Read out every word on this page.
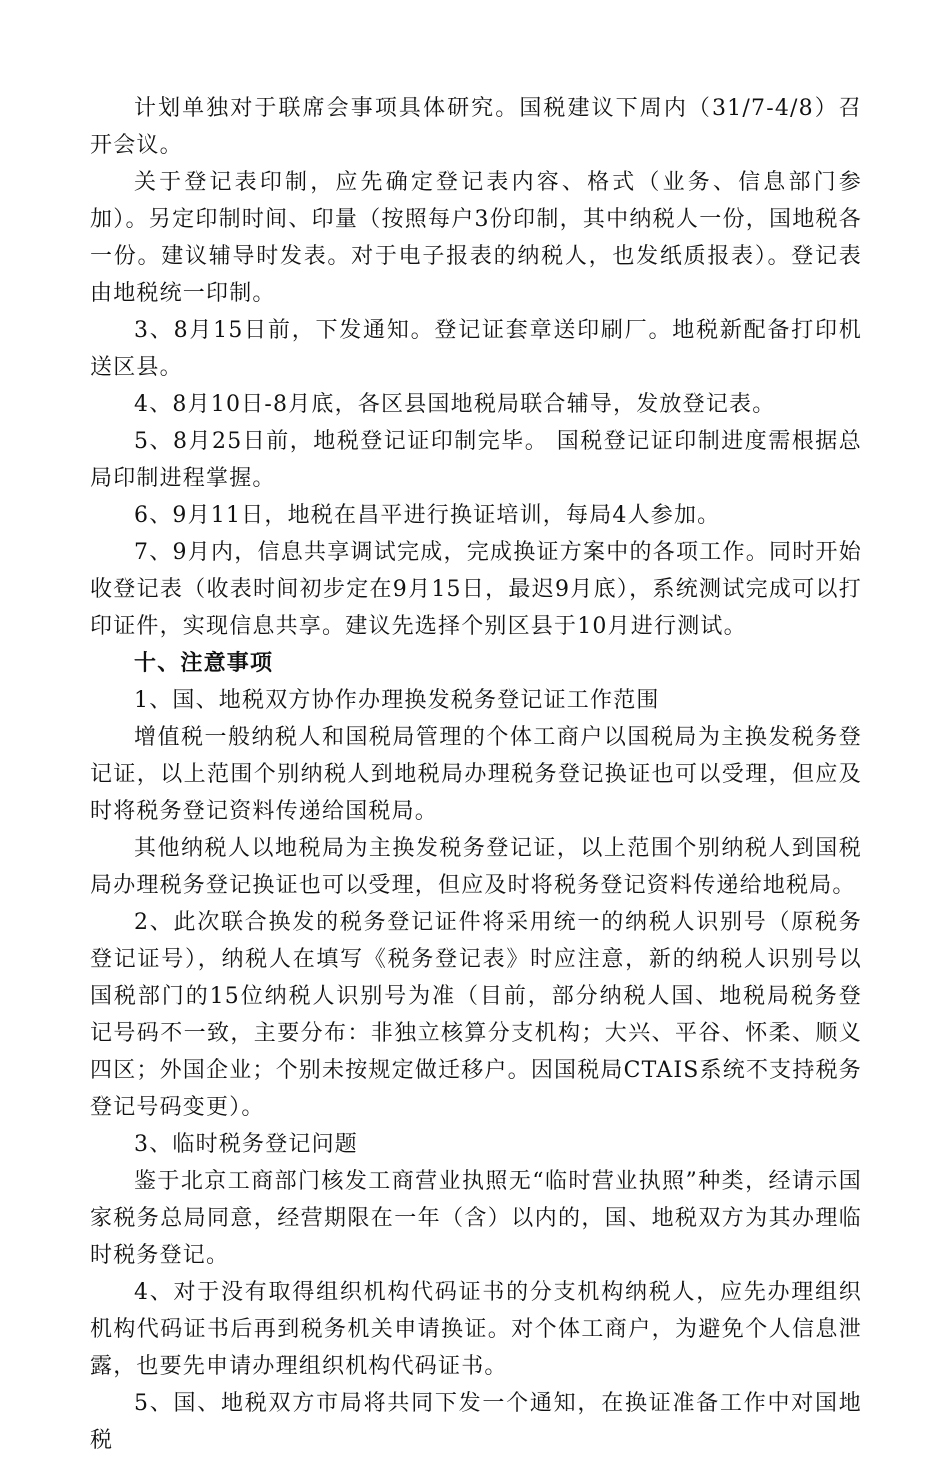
计划单独对于联席会事项具体研究。国税建议下周内（31/7-4/8）召开会议。

关于登记表印制，应先确定登记表内容、格式（业务、信息部门参加）。另定印制时间、印量（按照每户3份印制，其中纳税人一份，国地税各一份。建议辅导时发表。对于电子报表的纳税人，也发纸质报表）。登记表由地税统一印制。

3、8月15日前，下发通知。登记证套章送印刷厂。地税新配备打印机送区县。

4、8月10日-8月底，各区县国地税局联合辅导，发放登记表。

5、8月25日前，地税登记证印制完毕。 国税登记证印制进度需根据总局印制进程掌握。

6、9月11日，地税在昌平进行换证培训，每局4人参加。

7、9月内，信息共享调试完成，完成换证方案中的各项工作。同时开始收登记表（收表时间初步定在9月15日，最迟9月底），系统测试完成可以打印证件，实现信息共享。建议先选择个别区县于10月进行测试。

十、注意事项

1、国、地税双方协作办理换发税务登记证工作范围

增值税一般纳税人和国税局管理的个体工商户以国税局为主换发税务登记证，以上范围个别纳税人到地税局办理税务登记换证也可以受理，但应及时将税务登记资料传递给国税局。

其他纳税人以地税局为主换发税务登记证，以上范围个别纳税人到国税局办理税务登记换证也可以受理，但应及时将税务登记资料传递给地税局。

2、此次联合换发的税务登记证件将采用统一的纳税人识别号（原税务登记证号），纳税人在填写《税务登记表》时应注意，新的纳税人识别号以国税部门的15位纳税人识别号为准（目前，部分纳税人国、地税局税务登记号码不一致，主要分布：非独立核算分支机构；大兴、平谷、怀柔、顺义四区；外国企业；个别未按规定做迁移户。因国税局CTAIS系统不支持税务登记号码变更）。

3、临时税务登记问题

鉴于北京工商部门核发工商营业执照无“临时营业执照”种类，经请示国家税务总局同意，经营期限在一年（含）以内的，国、地税双方为其办理临时税务登记。

4、对于没有取得组织机构代码证书的分支机构纳税人，应先办理组织机构代码证书后再到税务机关申请换证。对个体工商户，为避免个人信息泄露，也要先申请办理组织机构代码证书。

5、国、地税双方市局将共同下发一个通知，在换证准备工作中对国地税
